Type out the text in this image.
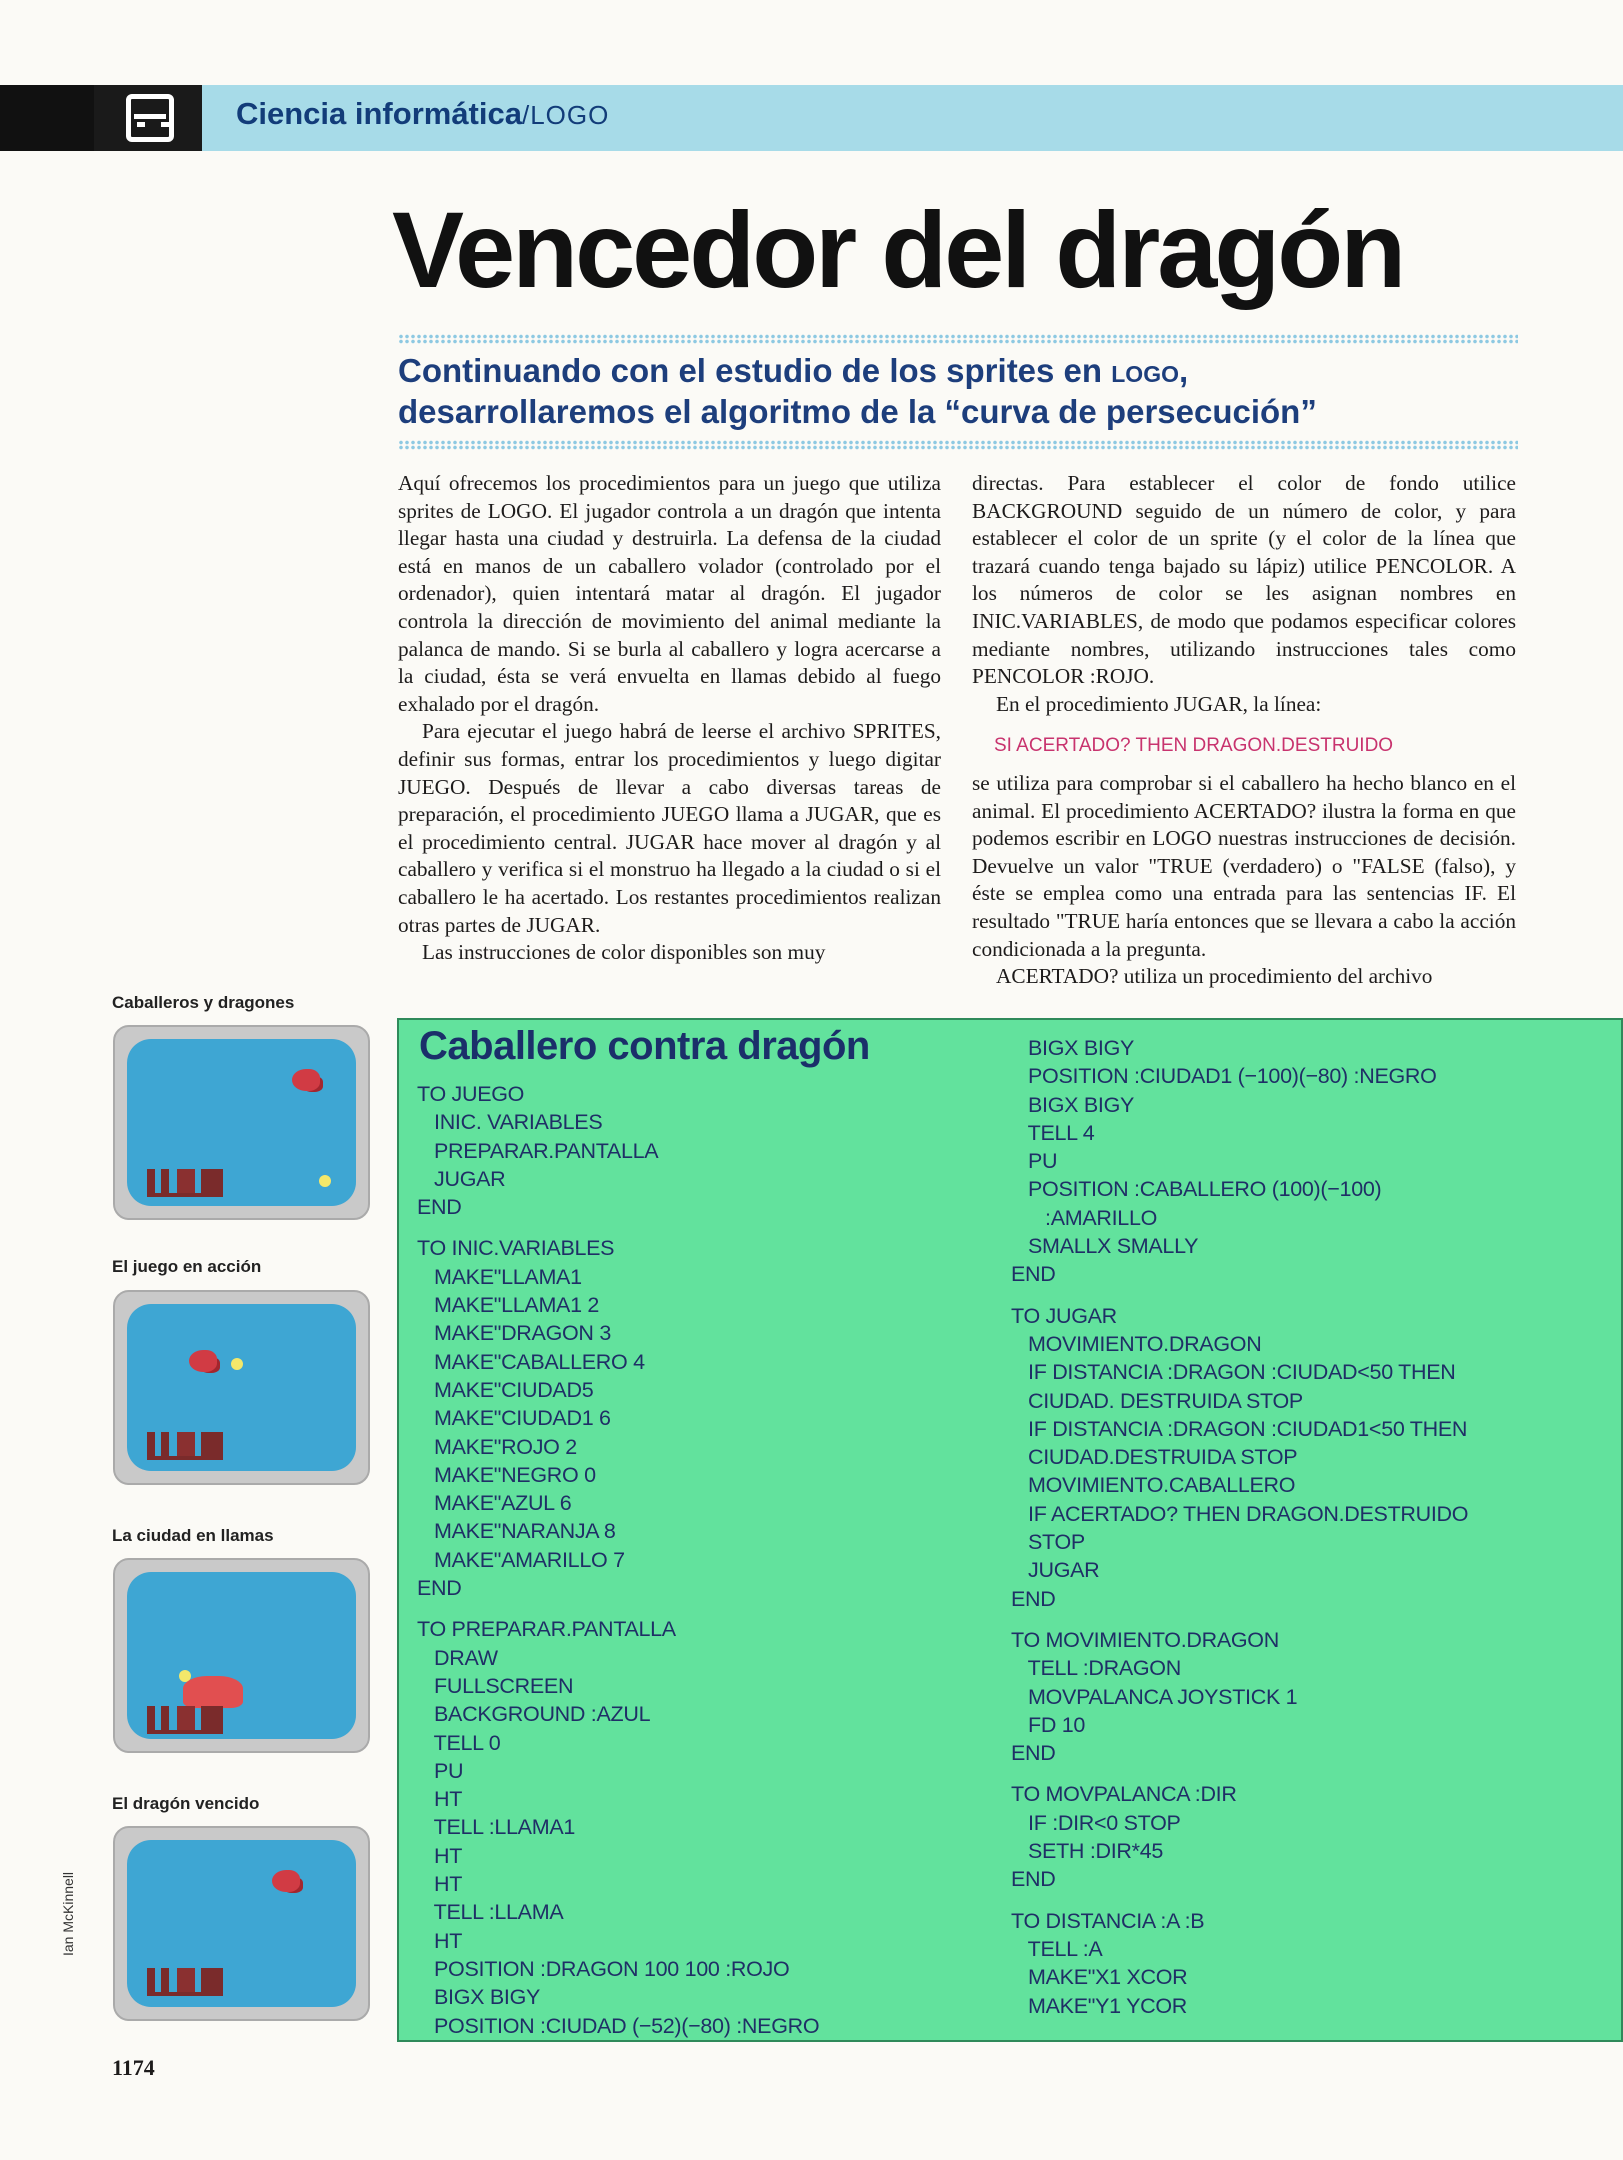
Ciencia informática/LOGO
Vencedor del dragón
Continuando con el estudio de los sprites en logo,
desarrollaremos el algoritmo de la “curva de persecución”

Aquí ofrecemos los procedimientos para un juego que utiliza sprites de LOGO. El jugador controla a un dragón que intenta llegar hasta una ciudad y destruirla. La defensa de la ciudad está en manos de un caballero volador (controlado por el ordenador), quien intentará matar al dragón. El jugador controla la dirección de movimiento del animal mediante la palanca de mando. Si se burla al caballero y logra acercarse a la ciudad, ésta se verá envuelta en llamas debido al fuego exhalado por el dragón.

Para ejecutar el juego habrá de leerse el archivo SPRITES, definir sus formas, entrar los procedimientos y luego digitar JUEGO. Después de llevar a cabo diversas tareas de preparación, el procedimiento JUEGO llama a JUGAR, que es el procedimiento central. JUGAR hace mover al dragón y al caballero y verifica si el monstruo ha llegado a la ciudad o si el caballero le ha acertado. Los restantes procedimientos realizan otras partes de JUGAR.

Las instrucciones de color disponibles son muy

directas. Para establecer el color de fondo utilice BACKGROUND seguido de un número de color, y para establecer el color de un sprite (y el color de la línea que trazará cuando tenga bajado su lápiz) utilice PENCOLOR. A los números de color se les asignan nombres en INIC.VARIABLES, de modo que podamos especificar colores mediante nombres, utilizando instrucciones tales como PENCOLOR :ROJO.

En el procedimiento JUGAR, la línea:

SI ACERTADO? THEN DRAGON.DESTRUIDO

se utiliza para comprobar si el caballero ha hecho blanco en el animal. El procedimiento ACERTADO? ilustra la forma en que podemos escribir en LOGO nuestras instrucciones de decisión. Devuelve un valor "TRUE (verdadero) o "FALSE (falso), y éste se emplea como una entrada para las sentencias IF. El resultado "TRUE haría entonces que se llevara a cabo la acción condicionada a la pregunta.

ACERTADO? utiliza un procedimiento del archivo

Caballeros y dragones
El juego en acción
La ciudad en llamas
El dragón vencido
Ian McKinnell
1174
Caballero contra dragón
TO JUEGO
INIC. VARIABLES
PREPARAR.PANTALLA
JUGAR
END
TO INIC.VARIABLES
MAKE"LLAMA1
MAKE"LLAMA1 2
MAKE"DRAGON 3
MAKE"CABALLERO 4
MAKE"CIUDAD5
MAKE"CIUDAD1 6
MAKE"ROJO 2
MAKE"NEGRO 0
MAKE"AZUL 6
MAKE"NARANJA 8
MAKE"AMARILLO 7
END
TO PREPARAR.PANTALLA
DRAW
FULLSCREEN
BACKGROUND :AZUL
TELL 0
PU
HT
TELL :LLAMA1
HT
HT
TELL :LLAMA
HT
POSITION :DRAGON 100 100 :ROJO
BIGX BIGY
POSITION :CIUDAD (−52)(−80) :NEGRO
BIGX BIGY
POSITION :CIUDAD1 (−100)(−80) :NEGRO
BIGX BIGY
TELL 4
PU
POSITION :CABALLERO (100)(−100)
:AMARILLO
SMALLX SMALLY
END
TO JUGAR
MOVIMIENTO.DRAGON
IF DISTANCIA :DRAGON :CIUDAD<50 THEN
CIUDAD. DESTRUIDA STOP
IF DISTANCIA :DRAGON :CIUDAD1<50 THEN
CIUDAD.DESTRUIDA STOP
MOVIMIENTO.CABALLERO
IF ACERTADO? THEN DRAGON.DESTRUIDO
STOP
JUGAR
END
TO MOVIMIENTO.DRAGON
TELL :DRAGON
MOVPALANCA JOYSTICK 1
FD 10
END
TO MOVPALANCA :DIR
IF :DIR<0 STOP
SETH :DIR*45
END
TO DISTANCIA :A :B
TELL :A
MAKE"X1 XCOR
MAKE"Y1 YCOR
